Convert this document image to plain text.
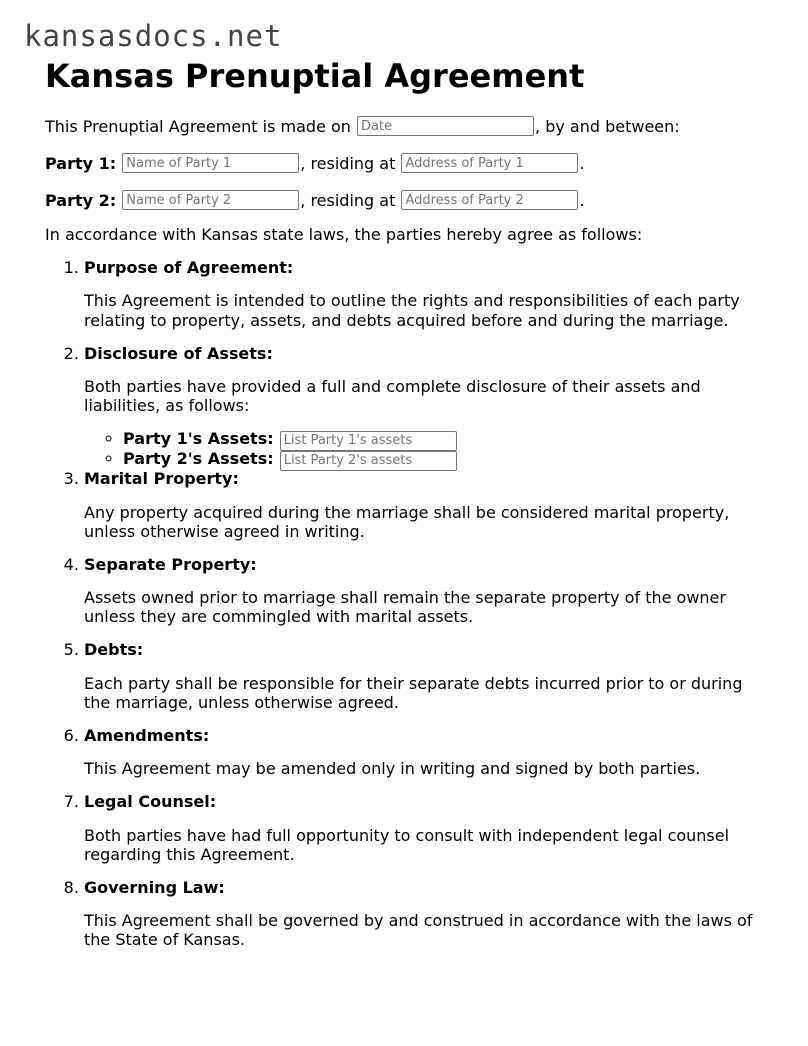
kansasdocs.net
Kansas Prenuptial Agreement
This Prenuptial Agreement is made on

Date	, by and between:
Party 1:

Name of Party 1	, residing at

Address of Party 1	.
Party 2:

Name of Party 2	, residing at

Address of Party 2	.

In accordance with Kansas state laws, the parties hereby agree as follows:

1. Purpose of Agreement:

This Agreement is intended to outline the rights and responsibilities of each party relating to property, assets, and debts acquired before and during the marriage.

2. Disclosure of Assets:

Both parties have provided a full and complete disclosure of their assets and liabilities, as follows:

◦ Party 1's Assets: List Party 1's assets
◦ Party 2's Assets: List Party 2's assets
3. Marital Property:

Any property acquired during the marriage shall be considered marital property, unless otherwise agreed in writing.

4. Separate Property:

Assets owned prior to marriage shall remain the separate property of the owner unless they are commingled with marital assets.

5. Debts:

Each party shall be responsible for their separate debts incurred prior to or during the marriage, unless otherwise agreed.

6. Amendments:

This Agreement may be amended only in writing and signed by both parties.

7. Legal Counsel:

Both parties have had full opportunity to consult with independent legal counsel regarding this Agreement.

8. Governing Law:

This Agreement shall be governed by and construed in accordance with the laws of the State of Kansas.
